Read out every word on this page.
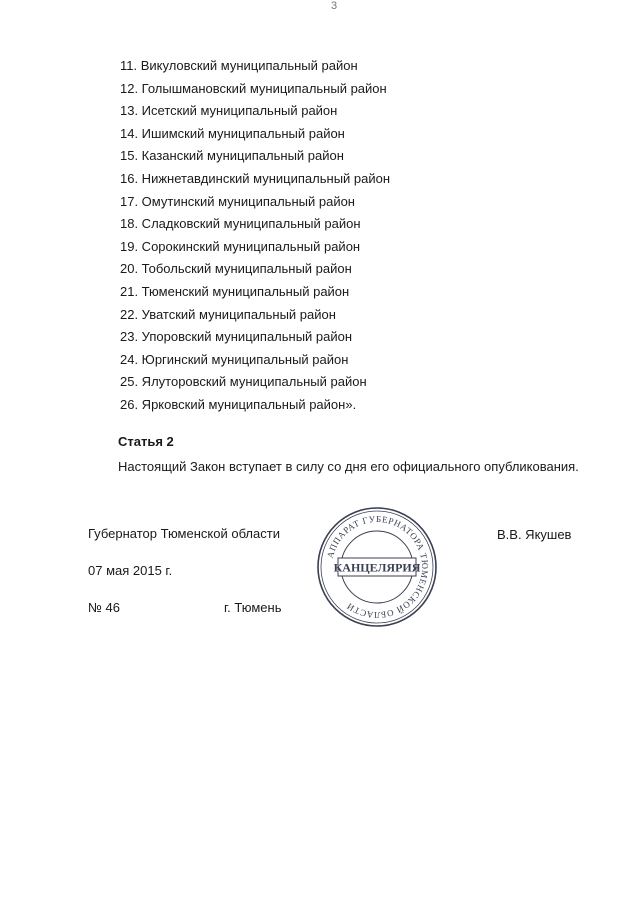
3
11. Викуловский муниципальный район
12. Голышмановский муниципальный район
13. Исетский муниципальный район
14. Ишимский муниципальный район
15. Казанский муниципальный район
16. Нижнетавдинский муниципальный район
17. Омутинский муниципальный район
18. Сладковский муниципальный район
19. Сорокинский муниципальный район
20. Тобольский муниципальный район
21. Тюменский муниципальный район
22. Уватский муниципальный район
23. Упоровский муниципальный район
24. Юргинский муниципальный район
25. Ялуторовский муниципальный район
26. Ярковский муниципальный район».
Статья 2
Настоящий Закон вступает в силу со дня его официального опубликования.
Губернатор Тюменской области
07 мая 2015 г.
№ 46	г. Тюмень
В.В. Якушев
АППАРАТ ГУБЕРНАТОРА ТЮМЕНСКОЙ ОБЛАСТИ
КАНЦЕЛЯРИЯ
